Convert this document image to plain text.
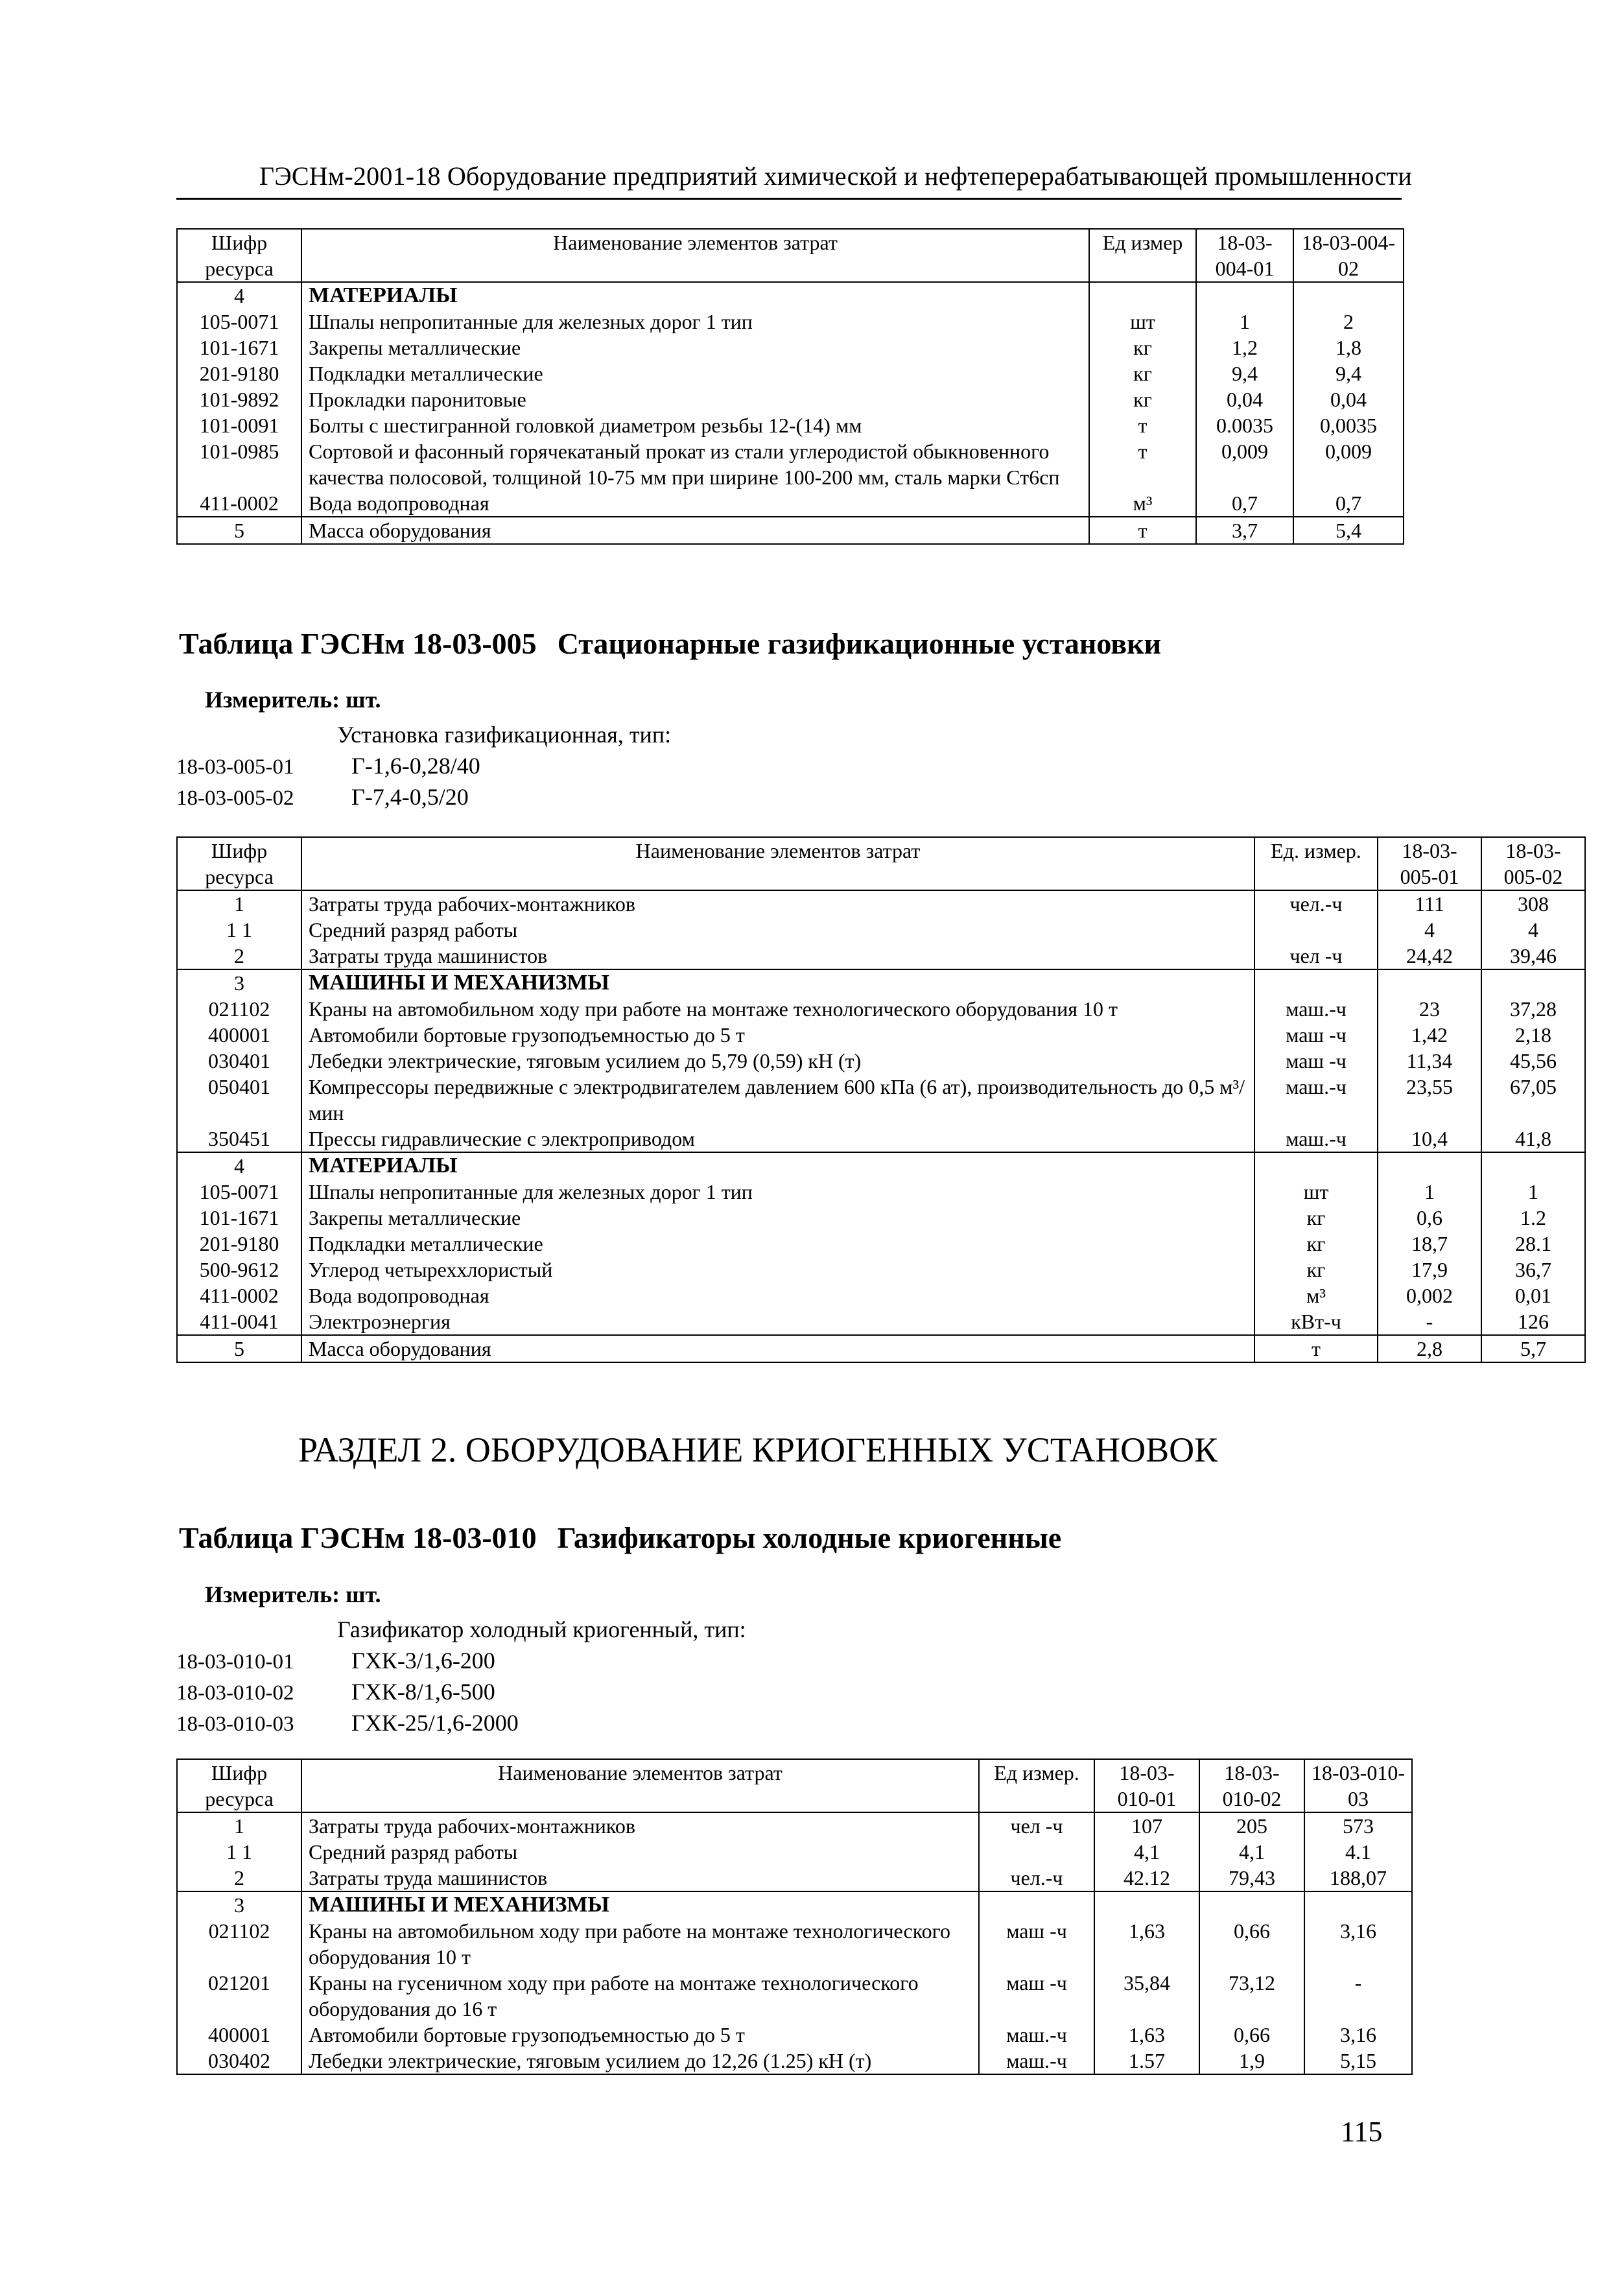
ГЭСНм-2001-18 Оборудование предприятий химической и нефтеперерабатывающей промышленности
Шифр ресурса	Наименование элементов затрат	Ед измер	18-03-004-01	18-03-004-02
4	МАТЕРИАЛЫ			
105-0071	Шпалы непропитанные для железных дорог 1 тип	шт	1	2
101-1671	Закрепы металлические	кг	1,2	1,8
201-9180	Подкладки металлические	кг	9,4	9,4
101-9892	Прокладки паронитовые	кг	0,04	0,04
101-0091	Болты с шестигранной головкой диаметром резьбы 12-(14) мм	т	0.0035	0,0035
101-0985	Сортовой и фасонный горячекатаный прокат из стали углеродистой обыкновенного качества полосовой, толщиной 10-75 мм при ширине 100-200 мм, сталь марки Ст6сп	т	0,009	0,009
411-0002	Вода водопроводная	м³	0,7	0,7
5	Масса оборудования	т	3,7	5,4
Таблица ГЭСНм 18-03-005 Стационарные газификационные установки
Измеритель: шт.
Установка газификационная, тип:
18-03-005-01 Г-1,6-0,28/40
18-03-005-02 Г-7,4-0,5/20
Шифр ресурса	Наименование элементов затрат	Ед. измер.	18-03-005-01	18-03-005-02
1	Затраты труда рабочих-монтажников	чел.-ч	111	308
1 1	Средний разряд работы		4	4
2	Затраты труда машинистов	чел -ч	24,42	39,46
3	МАШИНЫ И МЕХАНИЗМЫ			
021102	Краны на автомобильном ходу при работе на монтаже технологического оборудования 10 т	маш.-ч	23	37,28
400001	Автомобили бортовые грузоподъемностью до 5 т	маш -ч	1,42	2,18
030401	Лебедки электрические, тяговым усилием до 5,79 (0,59) кН (т)	маш -ч	11,34	45,56
050401	Компрессоры передвижные с электродвигателем давлением 600 кПа (6 ат), производительность до 0,5 м³/мин	маш.-ч	23,55	67,05
350451	Прессы гидравлические с электроприводом	маш.-ч	10,4	41,8
4	МАТЕРИАЛЫ			
105-0071	Шпалы непропитанные для железных дорог 1 тип	шт	1	1
101-1671	Закрепы металлические	кг	0,6	1.2
201-9180	Подкладки металлические	кг	18,7	28.1
500-9612	Углерод четыреххлористый	кг	17,9	36,7
411-0002	Вода водопроводная	м³	0,002	0,01
411-0041	Электроэнергия	кВт-ч	-	126
5	Масса оборудования	т	2,8	5,7
РАЗДЕЛ 2. ОБОРУДОВАНИЕ КРИОГЕННЫХ УСТАНОВОК
Таблица ГЭСНм 18-03-010 Газификаторы холодные криогенные
Измеритель: шт.
Газификатор холодный криогенный, тип:
18-03-010-01 ГХК-3/1,6-200
18-03-010-02 ГХК-8/1,6-500
18-03-010-03 ГХК-25/1,6-2000
Шифр ресурса	Наименование элементов затрат	Ед измер.	18-03-010-01	18-03-010-02	18-03-010-03
1	Затраты труда рабочих-монтажников	чел -ч	107	205	573
1 1	Средний разряд работы		4,1	4,1	4.1
2	Затраты труда машинистов	чел.-ч	42.12	79,43	188,07
3	МАШИНЫ И МЕХАНИЗМЫ				
021102	Краны на автомобильном ходу при работе на монтаже технологического оборудования 10 т	маш -ч	1,63	0,66	3,16
021201	Краны на гусеничном ходу при работе на монтаже технологического оборудования до 16 т	маш -ч	35,84	73,12	-
400001	Автомобили бортовые грузоподъемностью до 5 т	маш.-ч	1,63	0,66	3,16
030402	Лебедки электрические, тяговым усилием до 12,26 (1.25) кН (т)	маш.-ч	1.57	1,9	5,15
115
